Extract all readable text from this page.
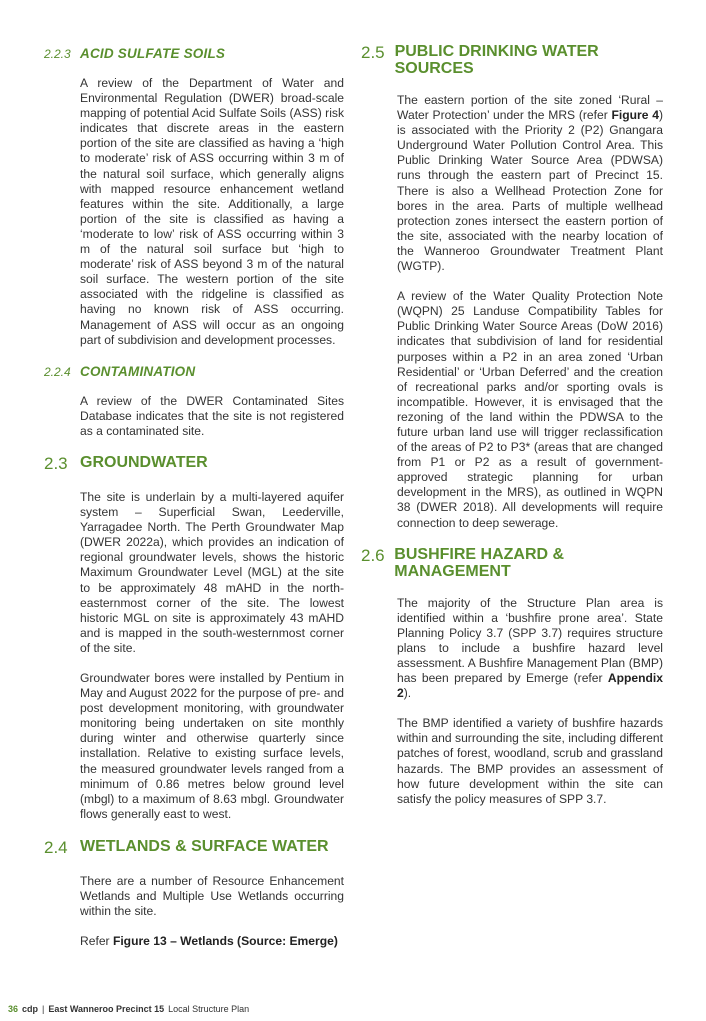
2.2.3 ACID SULFATE SOILS

A review of the Department of Water and Environmental Regulation (DWER) broad-scale mapping of potential Acid Sulfate Soils (ASS) risk indicates that discrete areas in the eastern portion of the site are classified as having a ‘high to moderate’ risk of ASS occurring within 3 m of the natural soil surface, which generally aligns with mapped resource enhancement wetland features within the site. Additionally, a large portion of the site is classified as having a ‘moderate to low’ risk of ASS occurring within 3 m of the natural soil surface but ‘high to moderate’ risk of ASS beyond 3 m of the natural soil surface. The western portion of the site associated with the ridgeline is classified as having no known risk of ASS occurring. Management of ASS will occur as an ongoing part of subdivision and development processes.

2.2.4 CONTAMINATION

A review of the DWER Contaminated Sites Database indicates that the site is not registered as a contaminated site.

2.3 GROUNDWATER

The site is underlain by a multi-layered aquifer system – Superficial Swan, Leederville, Yarragadee North. The Perth Groundwater Map (DWER 2022a), which provides an indication of regional groundwater levels, shows the historic Maximum Groundwater Level (MGL) at the site to be approximately 48 mAHD in the north-easternmost corner of the site. The lowest historic MGL on site is approximately 43 mAHD and is mapped in the south-westernmost corner of the site.

Groundwater bores were installed by Pentium in May and August 2022 for the purpose of pre- and post development monitoring, with groundwater monitoring being undertaken on site monthly during winter and otherwise quarterly since installation. Relative to existing surface levels, the measured groundwater levels ranged from a minimum of 0.86 metres below ground level (mbgl) to a maximum of 8.63 mbgl. Groundwater flows generally east to west.

2.4 WETLANDS & SURFACE WATER

There are a number of Resource Enhancement Wetlands and Multiple Use Wetlands occurring within the site.

Refer Figure 13 – Wetlands (Source: Emerge)

2.5 PUBLIC DRINKING WATER SOURCES

The eastern portion of the site zoned ‘Rural – Water Protection’ under the MRS (refer Figure 4) is associated with the Priority 2 (P2) Gnangara Underground Water Pollution Control Area. This Public Drinking Water Source Area (PDWSA) runs through the eastern part of Precinct 15. There is also a Wellhead Protection Zone for bores in the area. Parts of multiple wellhead protection zones intersect the eastern portion of the site, associated with the nearby location of the Wanneroo Groundwater Treatment Plant (WGTP).

A review of the Water Quality Protection Note (WQPN) 25 Landuse Compatibility Tables for Public Drinking Water Source Areas (DoW 2016) indicates that subdivision of land for residential purposes within a P2 in an area zoned ‘Urban Residential’ or ‘Urban Deferred’ and the creation of recreational parks and/or sporting ovals is incompatible. However, it is envisaged that the rezoning of the land within the PDWSA to the future urban land use will trigger reclassification of the areas of P2 to P3* (areas that are changed from P1 or P2 as a result of government-approved strategic planning for urban development in the MRS), as outlined in WQPN 38 (DWER 2018). All developments will require connection to deep sewerage.

2.6 BUSHFIRE HAZARD & MANAGEMENT

The majority of the Structure Plan area is identified within a ‘bushfire prone area’. State Planning Policy 3.7 (SPP 3.7) requires structure plans to include a bushfire hazard level assessment. A Bushfire Management Plan (BMP) has been prepared by Emerge (refer Appendix 2).

The BMP identified a variety of bushfire hazards within and surrounding the site, including different patches of forest, woodland, scrub and grassland hazards. The BMP provides an assessment of how future development within the site can satisfy the policy measures of SPP 3.7.

36 cdp | East Wanneroo Precinct 15 Local Structure Plan
